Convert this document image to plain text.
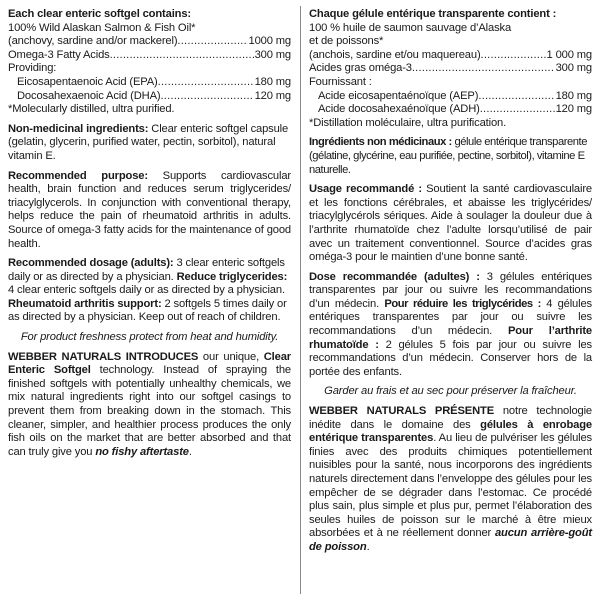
Each clear enteric softgel contains:

100% Wild Alaskan Salmon & Fish Oil*

(anchovy, sardine and/or mackerel) .....	1000 mg
Omega-3 Fatty Acids .....	300 mg

Providing:

Eicosapentaenoic Acid (EPA) .....	180 mg
Docosahexaenoic Acid (DHA) .....	120 mg

*Molecularly distilled, ultra purified.

Non-medicinal ingredients: Clear enteric softgel capsule (gelatin, glycerin, purified water, pectin, sorbitol), natural vitamin E.

Recommended purpose: Supports cardiovascular health, brain function and reduces serum triglycerides/ triacylglycerols. In conjunction with conventional therapy, helps reduce the pain of rheumatoid arthritis in adults. Source of omega-3 fatty acids for the maintenance of good health.

Recommended dosage (adults): 3 clear enteric softgels daily or as directed by a physician. Reduce triglycerides: 4 clear enteric softgels daily or as directed by a physician. Rheumatoid arthritis support: 2 softgels 5 times daily or as directed by a physician. Keep out of reach of children.

For product freshness protect from heat and humidity.

WEBBER NATURALS INTRODUCES our unique, Clear Enteric Softgel technology. Instead of spraying the finished softgels with potentially unhealthy chemicals, we mix natural ingredients right into our softgel casings to prevent them from breaking down in the stomach. This cleaner, simpler, and healthier process produces the only fish oils on the market that are better absorbed and that can truly give you no fishy aftertaste.

Chaque gélule entérique transparente contient :

100 % huile de saumon sauvage d’Alaska

et de poissons*

(anchois, sardine et/ou maquereau) .....	1 000 mg
Acides gras oméga-3 .....	300 mg

Fournissant :

Acide eicosapentaénoïque (AEP) .....	180 mg
Acide docosahexaénoïque (ADH) .....	120 mg

*Distillation moléculaire, ultra purification.

Ingrédients non médicinaux : gélule entérique transparente (gélatine, glycérine, eau purifiée, pectine, sorbitol), vitamine E naturelle.

Usage recommandé : Soutient la santé cardiovasculaire et les fonctions cérébrales, et abaisse les triglycérides/ triacylglycérols sériques. Aide à soulager la douleur due à l’arthrite rhumatoïde chez l’adulte lorsqu’utilisé de pair avec un traitement conventionnel. Source d’acides gras oméga-3 pour le maintien d’une bonne santé.

Dose recommandée (adultes) : 3 gélules entériques transparentes par jour ou suivre les recommandations d’un médecin. Pour réduire les triglycérides : 4 gélules entériques transparentes par jour ou suivre les recommandations d’un médecin. Pour l’arthrite rhumatoïde : 2 gélules 5 fois par jour ou suivre les recommandations d’un médecin. Conserver hors de la portée des enfants.

Garder au frais et au sec pour préserver la fraîcheur.

WEBBER NATURALS PRÉSENTE notre technologie inédite dans le domaine des gélules à enrobage entérique transparentes. Au lieu de pulvériser les gélules finies avec des produits chimiques potentiellement nuisibles pour la santé, nous incorporons des ingrédients naturels directement dans l’enveloppe des gélules pour les empêcher de se dégrader dans l’estomac. Ce procédé plus sain, plus simple et plus pur, permet l’élaboration des seules huiles de poisson sur le marché à être mieux absorbées et à ne réellement donner aucun arrière-goût de poisson.
